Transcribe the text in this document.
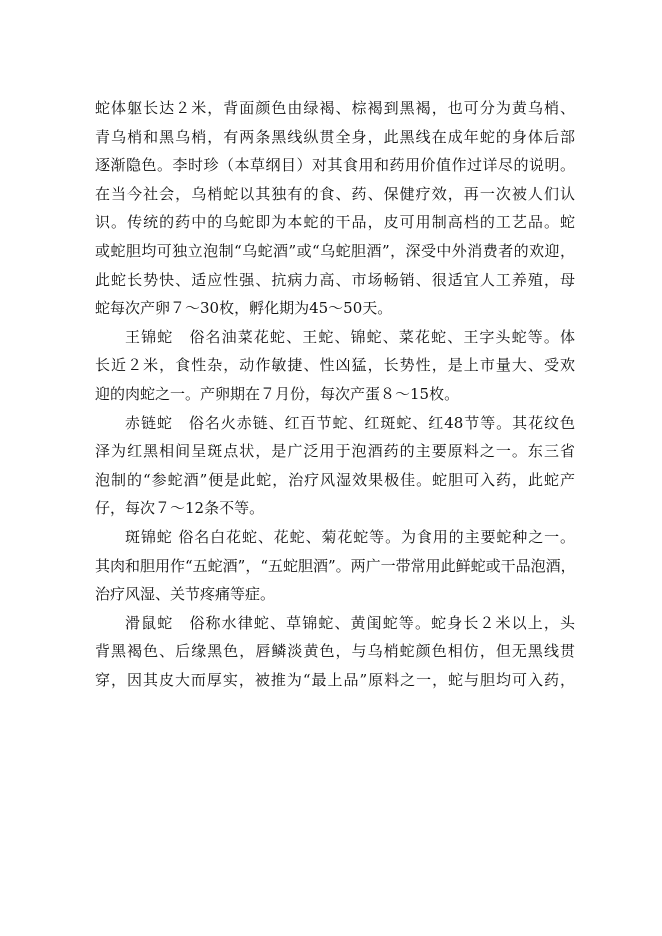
蛇体躯长达２米，背面颜色由绿褐、棕褐到黑褐，也可分为黄乌梢、
青乌梢和黑乌梢，有两条黑线纵贯全身，此黑线在成年蛇的身体后部
逐渐隐色。李时珍（本草纲目）对其食用和药用价值作过详尽的说明。
在当今社会，乌梢蛇以其独有的食、药、保健疗效，再一次被人们认
识。传统的药中的乌蛇即为本蛇的干品，皮可用制高档的工艺品。蛇
或蛇胆均可独立泡制“乌蛇酒”或“乌蛇胆酒”，深受中外消费者的欢迎，
此蛇长势快、适应性强、抗病力高、市场畅销、很适宜人工养殖，母
蛇每次产卵７～30枚，孵化期为45～50天。
王锦蛇　俗名油菜花蛇、王蛇、锦蛇、菜花蛇、王字头蛇等。体
长近２米，食性杂，动作敏捷、性凶猛，长势性，是上市量大、受欢
迎的肉蛇之一。产卵期在７月份，每次产蛋８～15枚。
赤链蛇　俗名火赤链、红百节蛇、红斑蛇、红48节等。其花纹色
泽为红黑相间呈斑点状，是广泛用于泡酒药的主要原料之一。东三省
泡制的“参蛇酒”便是此蛇，治疗风湿效果极佳。蛇胆可入药，此蛇产
仔，每次７～12条不等。
斑锦蛇 俗名白花蛇、花蛇、菊花蛇等。为食用的主要蛇种之一。
其肉和胆用作“五蛇酒”，“五蛇胆酒”。两广一带常用此鲜蛇或干品泡酒，
治疗风湿、关节疼痛等症。
滑鼠蛇　俗称水律蛇、草锦蛇、黄闺蛇等。蛇身长２米以上，头
背黑褐色、后缘黑色，唇鳞淡黄色，与乌梢蛇颜色相仿，但无黑线贯
穿，因其皮大而厚实，被推为“最上品”原料之一，蛇与胆均可入药，
